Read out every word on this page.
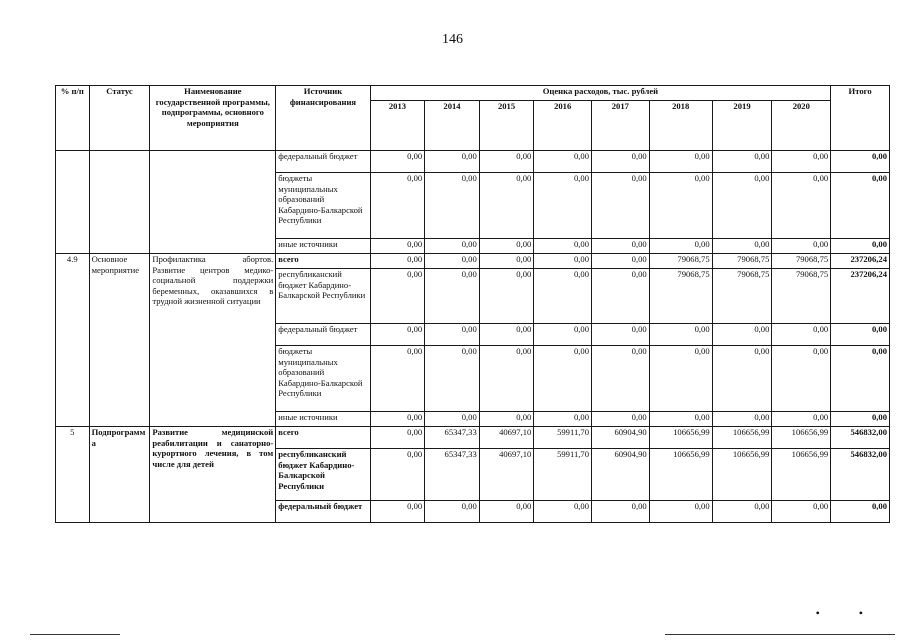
146
% п/п	Статус	Наименование государственной программы, подпрограммы, основного мероприятия	Источник финансирования	Оценка расходов, тыс. рублей								Итого
				2013	2014	2015	2016	2017	2018	2019	2020	
			федеральный бюджет	0,00	0,00	0,00	0,00	0,00	0,00	0,00	0,00	0,00
			бюджеты муниципальных образований Кабардино-Балкарской Республики	0,00	0,00	0,00	0,00	0,00	0,00	0,00	0,00	0,00
			иные источники	0,00	0,00	0,00	0,00	0,00	0,00	0,00	0,00	0,00
4.9	Основное мероприятие	Профилактика абортов. Развитие центров медико-социальной поддержки беременных, оказавшихся в трудной жизненной ситуации	всего	0,00	0,00	0,00	0,00	0,00	79068,75	79068,75	79068,75	237206,24
			республиканский бюджет Кабардино-Балкарской Республики	0,00	0,00	0,00	0,00	0,00	79068,75	79068,75	79068,75	237206,24
			федеральный бюджет	0,00	0,00	0,00	0,00	0,00	0,00	0,00	0,00	0,00
			бюджеты муниципальных образований Кабардино-Балкарской Республики	0,00	0,00	0,00	0,00	0,00	0,00	0,00	0,00	0,00
			иные источники	0,00	0,00	0,00	0,00	0,00	0,00	0,00	0,00	0,00
5	Подпрограмма	Развитие медицинской реабилитации и санаторно-курортного лечения, в том числе для детей	всего	0,00	65347,33	40697,10	59911,70	60904,90	106656,99	106656,99	106656,99	546832,00
			республиканский бюджет Кабардино-Балкарской Республики	0,00	65347,33	40697,10	59911,70	60904,90	106656,99	106656,99	106656,99	546832,00
			федеральный бюджет	0,00	0,00	0,00	0,00	0,00	0,00	0,00	0,00	0,00
• •
